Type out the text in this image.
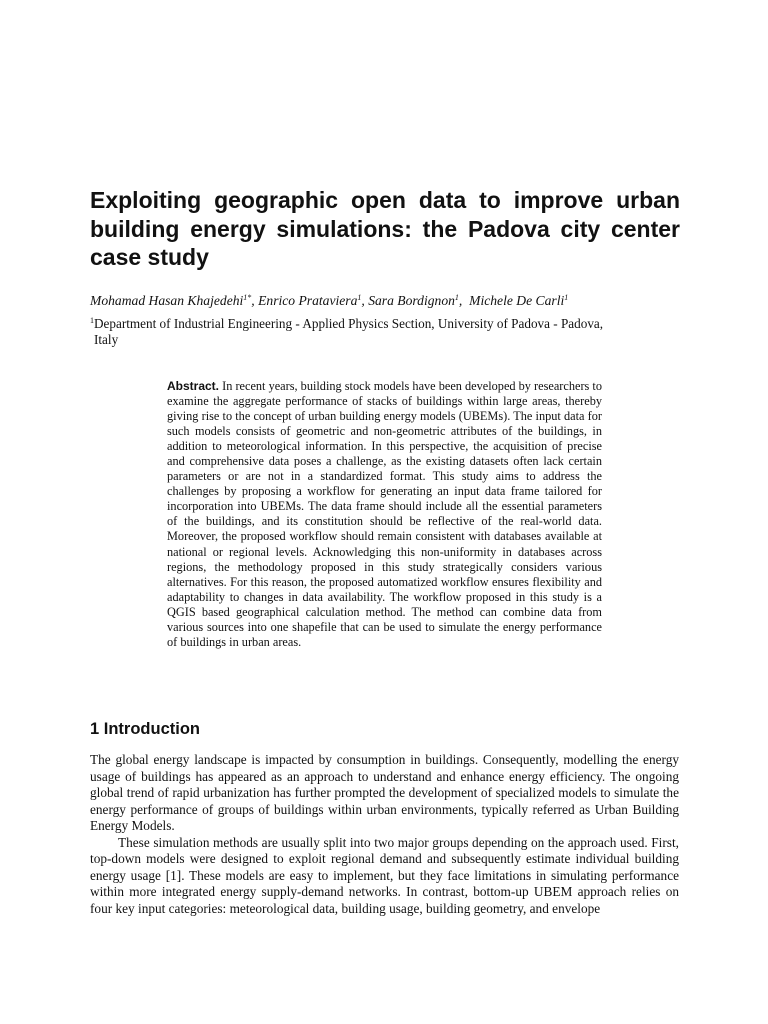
Exploiting geographic open data to improve urban building energy simulations: the Padova city center case study

Mohamad Hasan Khajedehi$^{1*}$, Enrico Prataviera$^1$, Sara Bordignon$^1$,  Michele De Carli$^1$

$^1$Department of Industrial Engineering - Applied Physics Section, University of Padova - Padova,
Italy

Abstract. In recent years, building stock models have been developed by researchers to examine the aggregate performance of stacks of buildings within large areas, thereby giving rise to the concept of urban building energy models (UBEMs). The input data for such models consists of geometric and non-geometric attributes of the buildings, in addition to meteorological information. In this perspective, the acquisition of precise and comprehensive data poses a challenge, as the existing datasets often lack certain parameters or are not in a standardized format. This study aims to address the challenges by proposing a workflow for generating an input data frame tailored for incorporation into UBEMs. The data frame should include all the essential parameters of the buildings, and its constitution should be reflective of the real-world data. Moreover, the proposed workflow should remain consistent with databases available at national or regional levels. Acknowledging this non-uniformity in databases across regions, the methodology proposed in this study strategically considers various alternatives. For this reason, the proposed automatized workflow ensures flexibility and adaptability to changes in data availability. The workflow proposed in this study is a QGIS based geographical calculation method. The method can combine data from various sources into one shapefile that can be used to simulate the energy performance of buildings in urban areas.

1 Introduction

The global energy landscape is impacted by consumption in buildings. Consequently, modelling the energy usage of buildings has appeared as an approach to understand and enhance energy efficiency. The ongoing global trend of rapid urbanization has further prompted the development of specialized models to simulate the energy performance of groups of buildings within urban environments, typically referred as Urban Building Energy Models.

These simulation methods are usually split into two major groups depending on the approach used. First, top-down models were designed to exploit regional demand and subsequently estimate individual building energy usage [1]. These models are easy to implement, but they face limitations in simulating performance within more integrated energy supply-demand networks. In contrast, bottom-up UBEM approach relies on four key input categories: meteorological data, building usage, building geometry, and envelope
